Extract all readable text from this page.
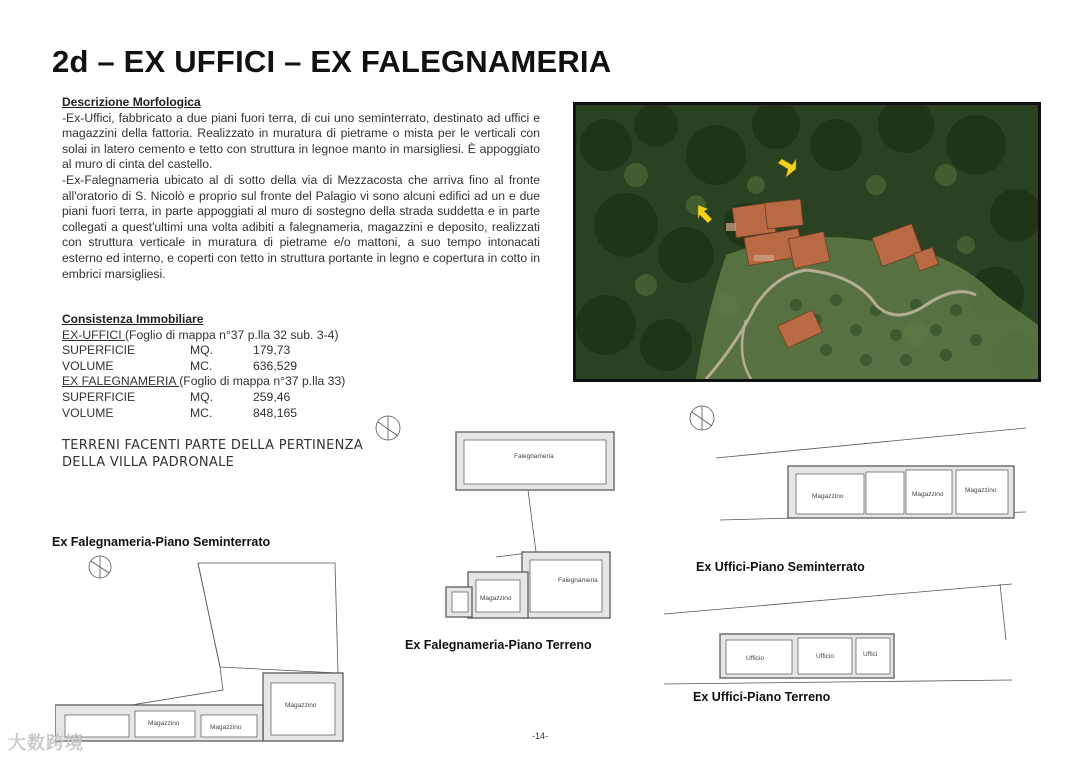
2d – EX UFFICI – EX FALEGNAMERIA
Descrizione Morfologica

-Ex-Uffici, fabbricato a due piani fuori terra, di cui uno seminterrato, destinato ad uffici e magazzini della fattoria. Realizzato in muratura di pietrame o mista per le verticali con solai in latero cemento e tetto con struttura in legnoe manto in marsigliesi. È appoggiato al muro di cinta del castello.

-Ex-Falegnameria ubicato al di sotto della via di Mezzacosta che arriva fino al fronte all'oratorio di S. Nicolò e proprio sul fronte del Palagio vi sono alcuni edifici ad un e due piani fuori terra, in parte appoggiati al muro di sostegno della strada suddetta e in parte collegati a quest'ultimi una volta adibiti a falegnameria, magazzini e deposito, realizzati con struttura verticale in muratura di pietrame e/o mattoni, a suo tempo intonacati esterno ed interno, e coperti con tetto in struttura portante in legno e copertura in cotto in embrici marsigliesi.

Consistenza Immobiliare
EX-UFFICI (Foglio di mappa n°37 p.lla 32 sub. 3-4)
SUPERFICIE	MQ.	179,73
VOLUME	MC.	636,529
EX FALEGNAMERIA (Foglio di mappa n°37 p.lla 33)
SUPERFICIE	MQ.	259,46
VOLUME	MC.	848,165
TERRENI FACENTI PARTE DELLA PERTINENZA
DELLA VILLA PADRONALE
Ex Falegnameria-Piano Seminterrato
Magazzino
Magazzino
Magazzino
Falegnameria
Falegnameria
Magazzino
Ex Falegnameria-Piano Terreno
Magazzino	Magazzino
Magazzino
Ex Uffici-Piano Seminterrato
Ufficio	Ufficio	Uffici
Ex Uffici-Piano Terreno
-14-
大数跨境
